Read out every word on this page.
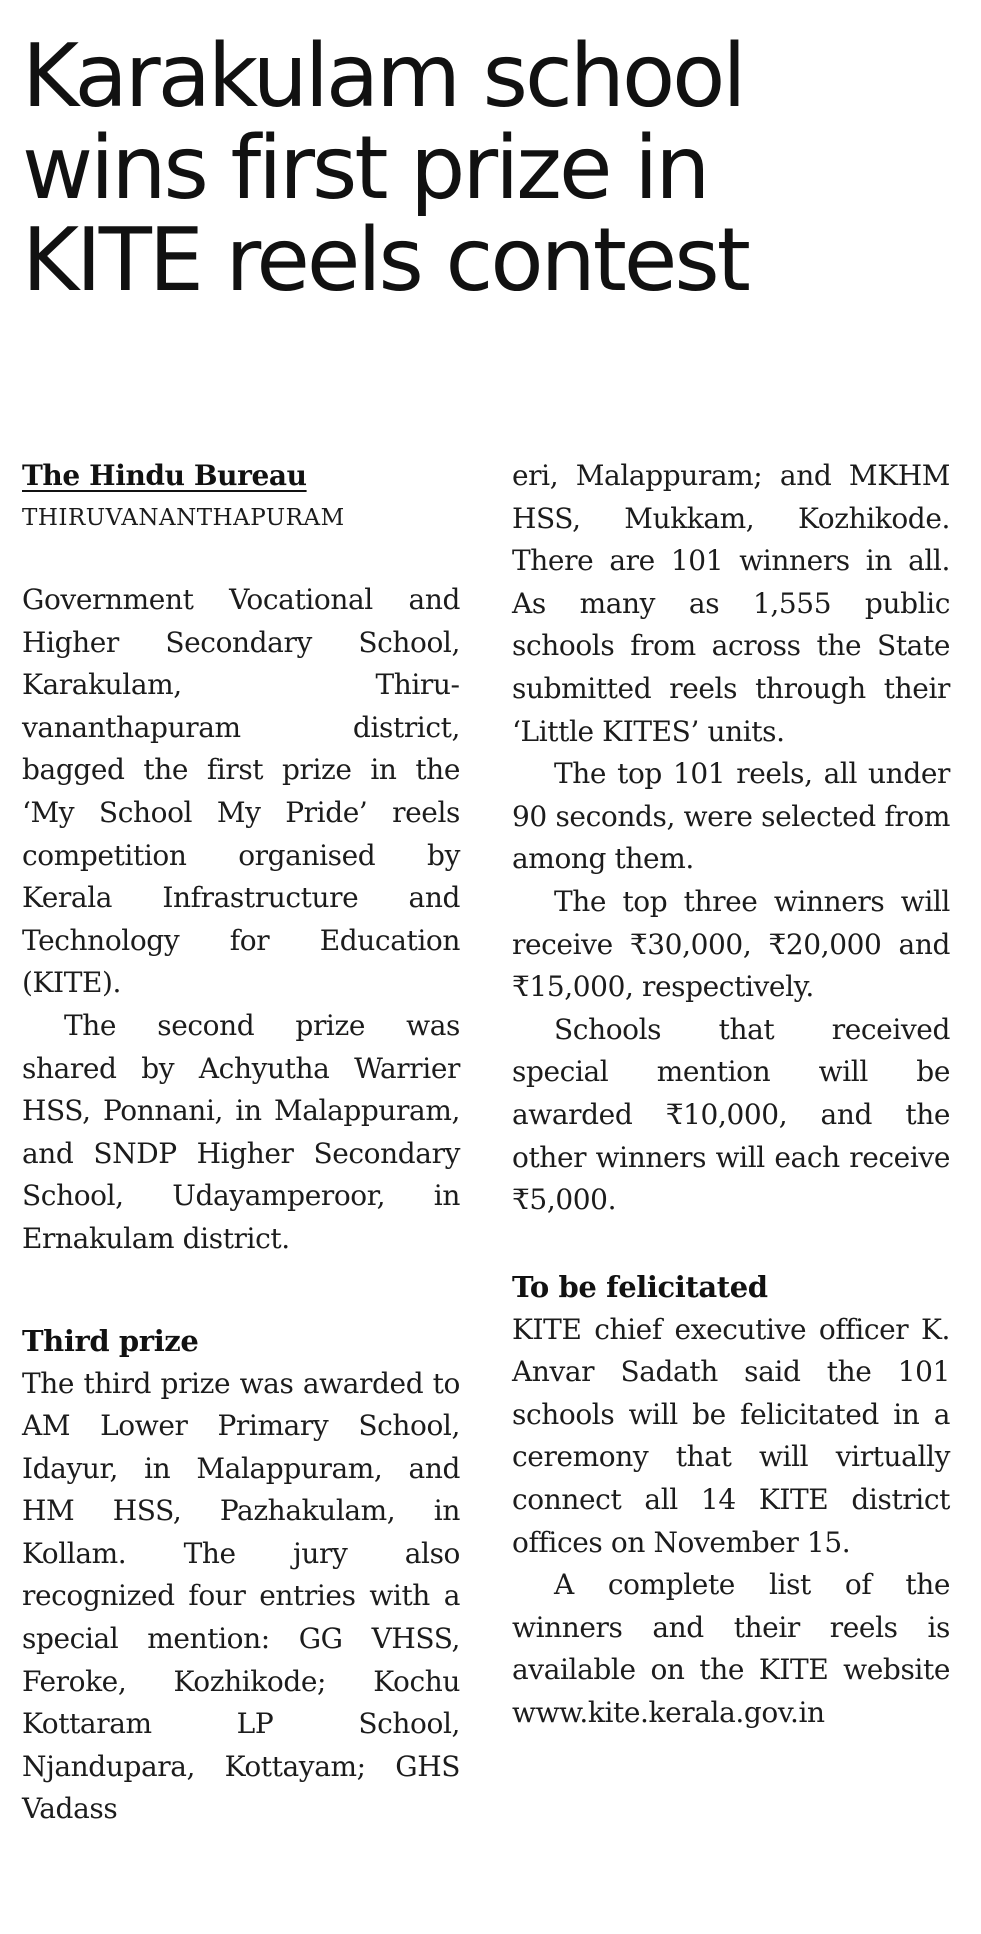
Karakulam school
wins first prize in
KITE reels contest

The Hindu Bureau

THIRUVANANTHAPURAM

Government Vocational and Higher Secondary School, Karakulam, Thiruvananthapuram district, bagged the first prize in the ‘My School My Pride’ reels competition organised by Kerala Infrastructure and Technology for Education (KITE).

The second prize was shared by Achyutha Warrier HSS, Ponnani, in Malappuram, and SNDP Higher Secondary School, Udayamperoor, in Ernakulam district.

Third prize

The third prize was awarded to AM Lower Primary School, Idayur, in Malappuram, and HM HSS, Pazhakulam, in Kollam. The jury also recognized four entries with a special mention: GG VHSS, Feroke, Kozhikode; Kochu Kottaram LP School, Njandupara, Kottayam; GHS Vadass

eri, Malappuram; and MKHM HSS, Mukkam, Kozhikode. There are 101 winners in all. As many as 1,555 public schools from across the State submitted reels through their ‘Little KITES’ units.

The top 101 reels, all under 90 seconds, were selected from among them.

The top three winners will receive ₹30,000, ₹20,000 and ₹15,000, respectively.

Schools that received special mention will be awarded ₹10,000, and the other winners will each receive ₹5,000.

To be felicitated

KITE chief executive officer K. Anvar Sadath said the 101 schools will be felicitated in a ceremony that will virtually connect all 14 KITE district offices on November 15.

A complete list of the winners and their reels is available on the KITE website www.kite.kerala.gov.in
